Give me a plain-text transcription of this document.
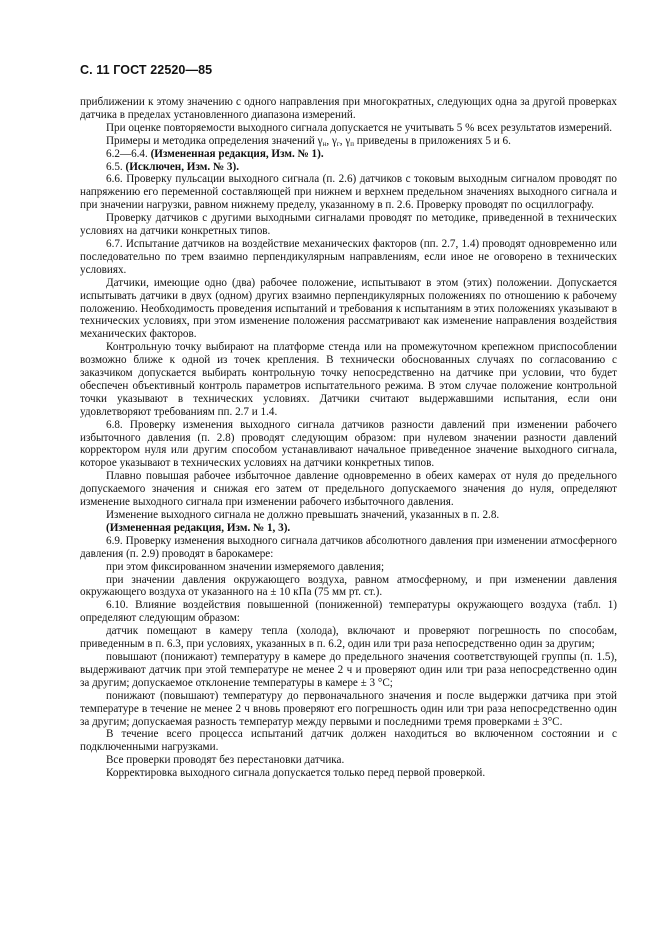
С. 11 ГОСТ 22520—85

приближении к этому значению с одного направления при многократных, следующих одна за другой проверках датчика в пределах установленного диапазона измерений.

При оценке повторяемости выходного сигнала допускается не учитывать 5 % всех результатов измерений.

Примеры и методика определения значений $\gamma_н$, $\gamma_г$, $\gamma_п$ приведены в приложениях 5 и 6.

6.2—6.4. (Измененная редакция, Изм. № 1).

6.5. (Исключен, Изм. № 3).

6.6. Проверку пульсации выходного сигнала (п. 2.6) датчиков с токовым выходным сигналом проводят по напряжению его переменной составляющей при нижнем и верхнем предельном значениях выходного сигнала и при значении нагрузки, равном нижнему пределу, указанному в п. 2.6. Проверку проводят по осциллографу.

Проверку датчиков с другими выходными сигналами проводят по методике, приведенной в технических условиях на датчики конкретных типов.

6.7. Испытание датчиков на воздействие механических факторов (пп. 2.7, 1.4) проводят одновременно или последовательно по трем взаимно перпендикулярным направлениям, если иное не оговорено в технических условиях.

Датчики, имеющие одно (два) рабочее положение, испытывают в этом (этих) положении. Допускается испытывать датчики в двух (одном) других взаимно перпендикулярных положениях по отношению к рабочему положению. Необходимость проведения испытаний и требования к испытаниям в этих положениях указывают в технических условиях, при этом изменение положения рассматривают как изменение направления воздействия механических факторов.

Контрольную точку выбирают на платформе стенда или на промежуточном крепежном приспособлении возможно ближе к одной из точек крепления. В технически обоснованных случаях по согласованию с заказчиком допускается выбирать контрольную точку непосредственно на датчике при условии, что будет обеспечен объективный контроль параметров испытательного режима. В этом случае положение контрольной точки указывают в технических условиях. Датчики считают выдержавшими испытания, если они удовлетворяют требованиям пп. 2.7 и 1.4.

6.8. Проверку изменения выходного сигнала датчиков разности давлений при изменении рабочего избыточного давления (п. 2.8) проводят следующим образом: при нулевом значении разности давлений корректором нуля или другим способом устанавливают начальное приведенное значение выходного сигнала, которое указывают в технических условиях на датчики конкретных типов.

Плавно повышая рабочее избыточное давление одновременно в обеих камерах от нуля до предельного допускаемого значения и снижая его затем от предельного допускаемого значения до нуля, определяют изменение выходного сигнала при изменении рабочего избыточного давления.

Изменение выходного сигнала не должно превышать значений, указанных в п. 2.8.

(Измененная редакция, Изм. № 1, 3).

6.9. Проверку изменения выходного сигнала датчиков абсолютного давления при изменении атмосферного давления (п. 2.9) проводят в барокамере:

при этом фиксированном значении измеряемого давления;

при значении давления окружающего воздуха, равном атмосферному, и при изменении давления окружающего воздуха от указанного на ± 10 кПа (75 мм рт. ст.).

6.10. Влияние воздействия повышенной (пониженной) температуры окружающего воздуха (табл. 1) определяют следующим образом:

датчик помещают в камеру тепла (холода), включают и проверяют погрешность по способам, приведенным в п. 6.3, при условиях, указанных в п. 6.2, один или три раза непосредственно один за другим;

повышают (понижают) температуру в камере до предельного значения соответствующей группы (п. 1.5), выдерживают датчик при этой температуре не менее 2 ч и проверяют один или три раза непосредственно один за другим; допускаемое отклонение температуры в камере ± 3 °С;

понижают (повышают) температуру до первоначального значения и после выдержки датчика при этой температуре в течение не менее 2 ч вновь проверяют его погрешность один или три раза непосредственно один за другим; допускаемая разность температур между первыми и последними тремя проверками ± 3°С.

В течение всего процесса испытаний датчик должен находиться во включенном состоянии и с подключенными нагрузками.

Все проверки проводят без перестановки датчика.

Корректировка выходного сигнала допускается только перед первой проверкой.
